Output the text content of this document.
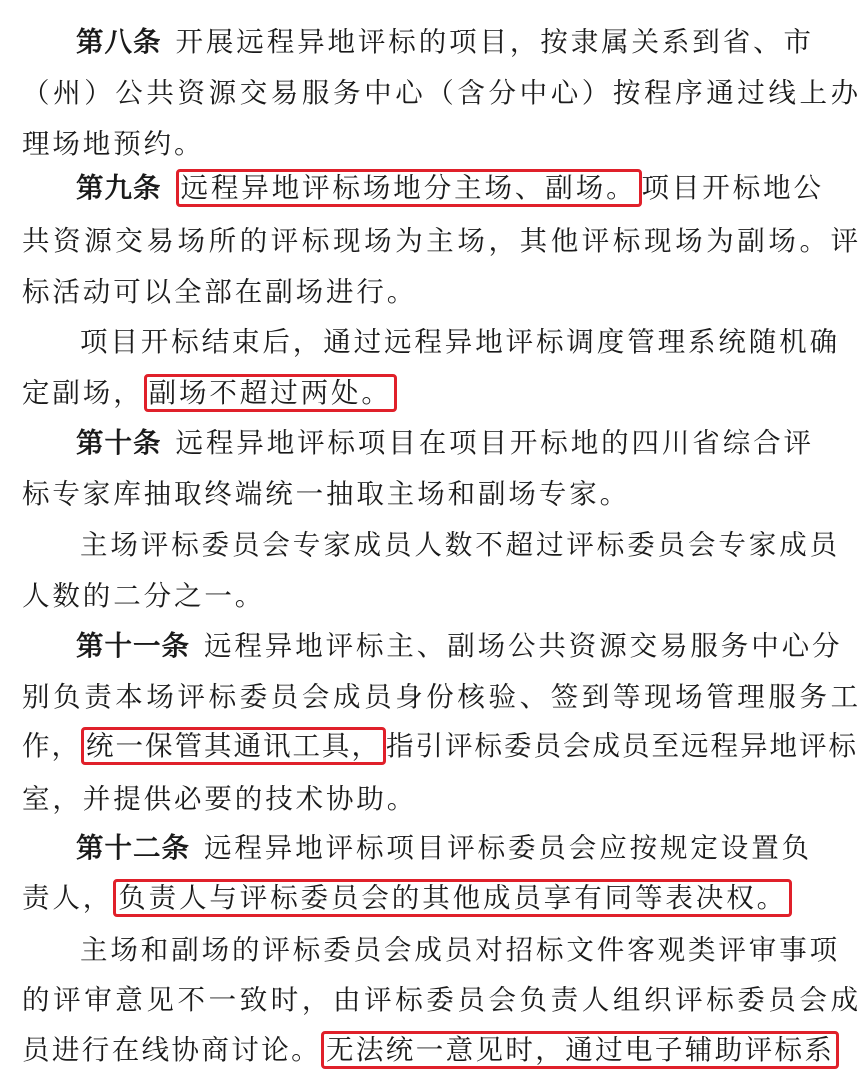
第八条 开展远程异地评标的项目，按隶属关系到省、市
（州）公共资源交易服务中心（含分中心）按程序通过线上办
理场地预约。
第九条 远程异地评标场地分主场、副场。 项目开标地公
共资源交易场所的评标现场为主场，其他评标现场为副场。评
标活动可以全部在副场进行。
项目开标结束后，通过远程异地评标调度管理系统随机确
定副场， 副场不超过两处。
第十条 远程异地评标项目在项目开标地的四川省综合评
标专家库抽取终端统一抽取主场和副场专家。
主场评标委员会专家成员人数不超过评标委员会专家成员
人数的二分之一。
第十一条 远程异地评标主、副场公共资源交易服务中心分
别负责本场评标委员会成员身份核验、签到等现场管理服务工
作， 统一保管其通讯工具， 指引评标委员会成员至远程异地评标
室，并提供必要的技术协助。
第十二条 远程异地评标项目评标委员会应按规定设置负
责人， 负责人与评标委员会的其他成员享有同等表决权。
主场和副场的评标委员会成员对招标文件客观类评审事项
的评审意见不一致时，由评标委员会负责人组织评标委员会成
员进行在线协商讨论。 无法统一意见时，通过电子辅助评标系
